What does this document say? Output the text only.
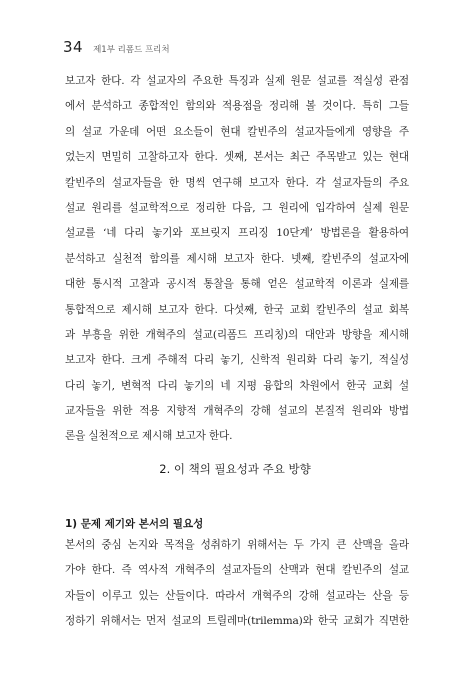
34 제1부 리폼드 프리처
보고자 한다. 각 설교자의 주요한 특징과 실제 원문 설교를 적실성 관점
에서 분석하고 종합적인 함의와 적용점을 정리해 볼 것이다. 특히 그들
의 설교 가운데 어떤 요소들이 현대 칼빈주의 설교자들에게 영향을 주
었는지 면밀히 고찰하고자 한다. 셋째, 본서는 최근 주목받고 있는 현대
칼빈주의 설교자들을 한 명씩 연구해 보고자 한다. 각 설교자들의 주요
설교 원리를 설교학적으로 정리한 다음, 그 원리에 입각하여 실제 원문
설교를 ‘네 다리 놓기와 포브릿지 프리징 10단계’ 방법론을 활용하여
분석하고 실천적 함의를 제시해 보고자 한다. 넷째, 칼빈주의 설교자에
대한 통시적 고찰과 공시적 통찰을 통해 얻은 설교학적 이론과 실제를
통합적으로 제시해 보고자 한다. 다섯째, 한국 교회 칼빈주의 설교 회복
과 부흥을 위한 개혁주의 설교(리폼드 프리칭)의 대안과 방향을 제시해
보고자 한다. 크게 주해적 다리 놓기, 신학적 원리화 다리 놓기, 적실성
다리 놓기, 변혁적 다리 놓기의 네 지평 융합의 차원에서 한국 교회 설
교자들을 위한 적용 지향적 개혁주의 강해 설교의 본질적 원리와 방법
론을 실천적으로 제시해 보고자 한다.
2. 이 책의 필요성과 주요 방향
1) 문제 제기와 본서의 필요성
본서의 중심 논지와 목적을 성취하기 위해서는 두 가지 큰 산맥을 올라
가야 한다. 즉 역사적 개혁주의 설교자들의 산맥과 현대 칼빈주의 설교
자들이 이루고 있는 산들이다. 따라서 개혁주의 강해 설교라는 산을 등
정하기 위해서는 먼저 설교의 트릴레마(trilemma)와 한국 교회가 직면한
